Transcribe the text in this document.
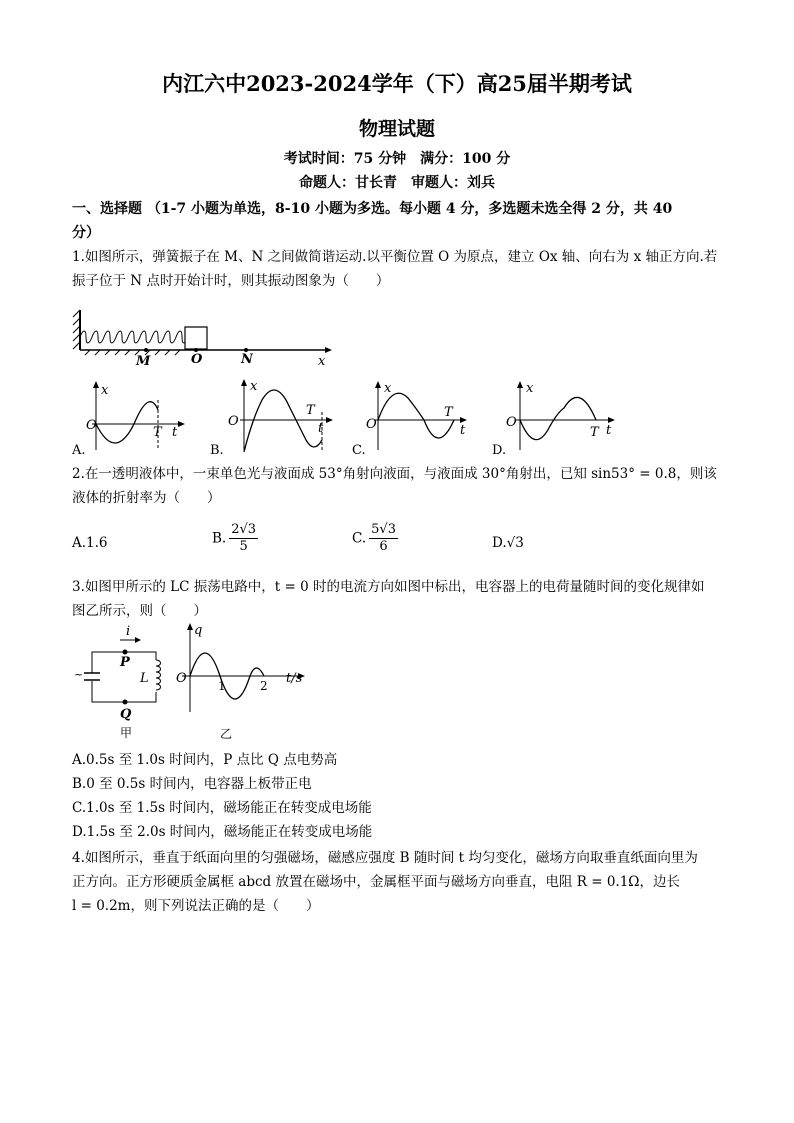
内江六中2023-2024学年（下）高25届半期考试
物理试题
考试时间：75 分钟　满分：100 分
命题人：甘长青　审题人：刘兵
一、选择题 （1-7 小题为单选，8-10 小题为多选。每小题 4 分，多选题未选全得 2 分，共 40
分）
1.如图所示，弹簧振子在 M、N 之间做简谐运动.以平衡位置 O 为原点，建立 Ox 轴、向右为 x 轴正方向.若
振子位于 N 点时开始计时，则其振动图象为（　　）
M	O	N	x
x
O	T t
A.
x
O
T
t
B.
x
O
T
t
C.
x
O
T t
D.
2.在一透明液体中，一束单色光与液面成 53°角射向液面，与液面成 30°角射出，已知 sin53° = 0.8，则该
液体的折射率为（　　）
A.1.6	B. $\frac{2√3}{5}$	C. $\frac{5√3}{6}$	D.√3
3.如图甲所示的 LC 振荡电路中，t = 0 时的电流方向如图中标出，电容器上的电荷量随时间的变化规律如
图乙所示，则（　　）
~
i
P
L
Q
甲
q
O	1	2 t/s
乙
A.0.5s 至 1.0s 时间内，P 点比 Q 点电势高
B.0 至 0.5s 时间内，电容器上板带正电
C.1.0s 至 1.5s 时间内，磁场能正在转变成电场能
D.1.5s 至 2.0s 时间内，磁场能正在转变成电场能
4.如图所示，垂直于纸面向里的匀强磁场，磁感应强度 B 随时间 t 均匀变化，磁场方向取垂直纸面向里为
正方向。正方形硬质金属框 abcd 放置在磁场中，金属框平面与磁场方向垂直，电阻 R = 0.1Ω，边长
l = 0.2m，则下列说法正确的是（　　）
